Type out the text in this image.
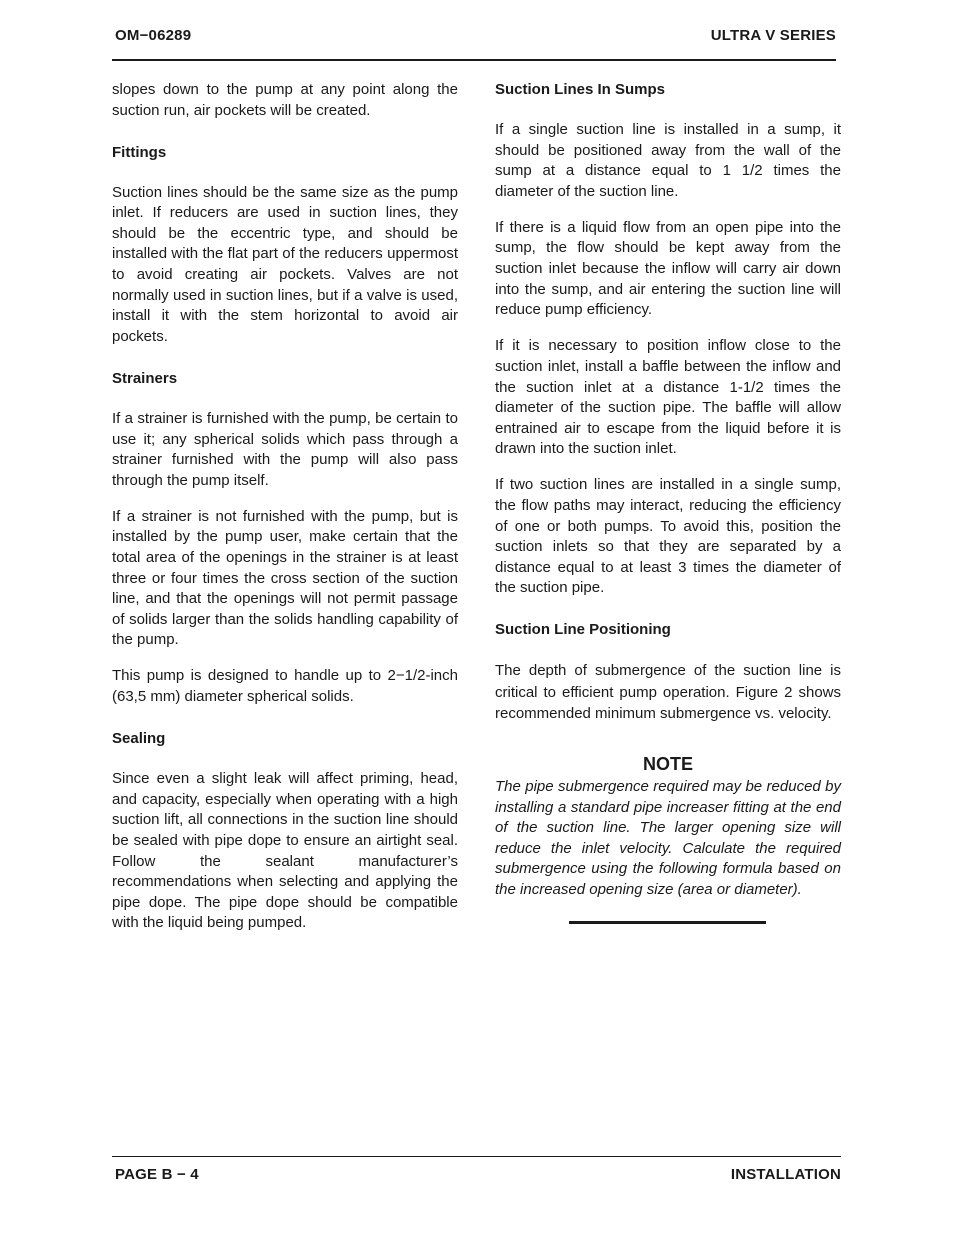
OM−06289	ULTRA V SERIES

slopes down to the pump at any point along the suction run, air pockets will be created.

Fittings

Suction lines should be the same size as the pump inlet. If reducers are used in suction lines, they should be the eccentric type, and should be installed with the flat part of the reducers uppermost to avoid creating air pockets. Valves are not normally used in suction lines, but if a valve is used, install it with the stem horizontal to avoid air pockets.

Strainers

If a strainer is furnished with the pump, be certain to use it; any spherical solids which pass through a strainer furnished with the pump will also pass through the pump itself.

If a strainer is not furnished with the pump, but is installed by the pump user, make certain that the total area of the openings in the strainer is at least three or four times the cross section of the suction line, and that the openings will not permit passage of solids larger than the solids handling capability of the pump.

This pump is designed to handle up to 2−1/2-inch (63,5 mm) diameter spherical solids.

Sealing

Since even a slight leak will affect priming, head, and capacity, especially when operating with a high suction lift, all connections in the suction line should be sealed with pipe dope to ensure an airtight seal. Follow the sealant manufacturer’s recommendations when selecting and applying the pipe dope. The pipe dope should be compatible with the liquid being pumped.

Suction Lines In Sumps

If a single suction line is installed in a sump, it should be positioned away from the wall of the sump at a distance equal to 1 1/2 times the diameter of the suction line.

If there is a liquid flow from an open pipe into the sump, the flow should be kept away from the suction inlet because the inflow will carry air down into the sump, and air entering the suction line will reduce pump efficiency.

If it is necessary to position inflow close to the suction inlet, install a baffle between the inflow and the suction inlet at a distance 1-1/2 times the diameter of the suction pipe. The baffle will allow entrained air to escape from the liquid before it is drawn into the suction inlet.

If two suction lines are installed in a single sump, the flow paths may interact, reducing the efficiency of one or both pumps. To avoid this, position the suction inlets so that they are separated by a distance equal to at least 3 times the diameter of the suction pipe.

Suction Line Positioning

The depth of submergence of the suction line is critical to efficient pump operation. Figure 2 shows recommended minimum submergence vs. velocity.

NOTE

The pipe submergence required may be reduced by installing a standard pipe increaser fitting at the end of the suction line. The larger opening size will reduce the inlet velocity. Calculate the required submergence using the following formula based on the increased opening size (area or diameter).

PAGE B − 4	INSTALLATION
